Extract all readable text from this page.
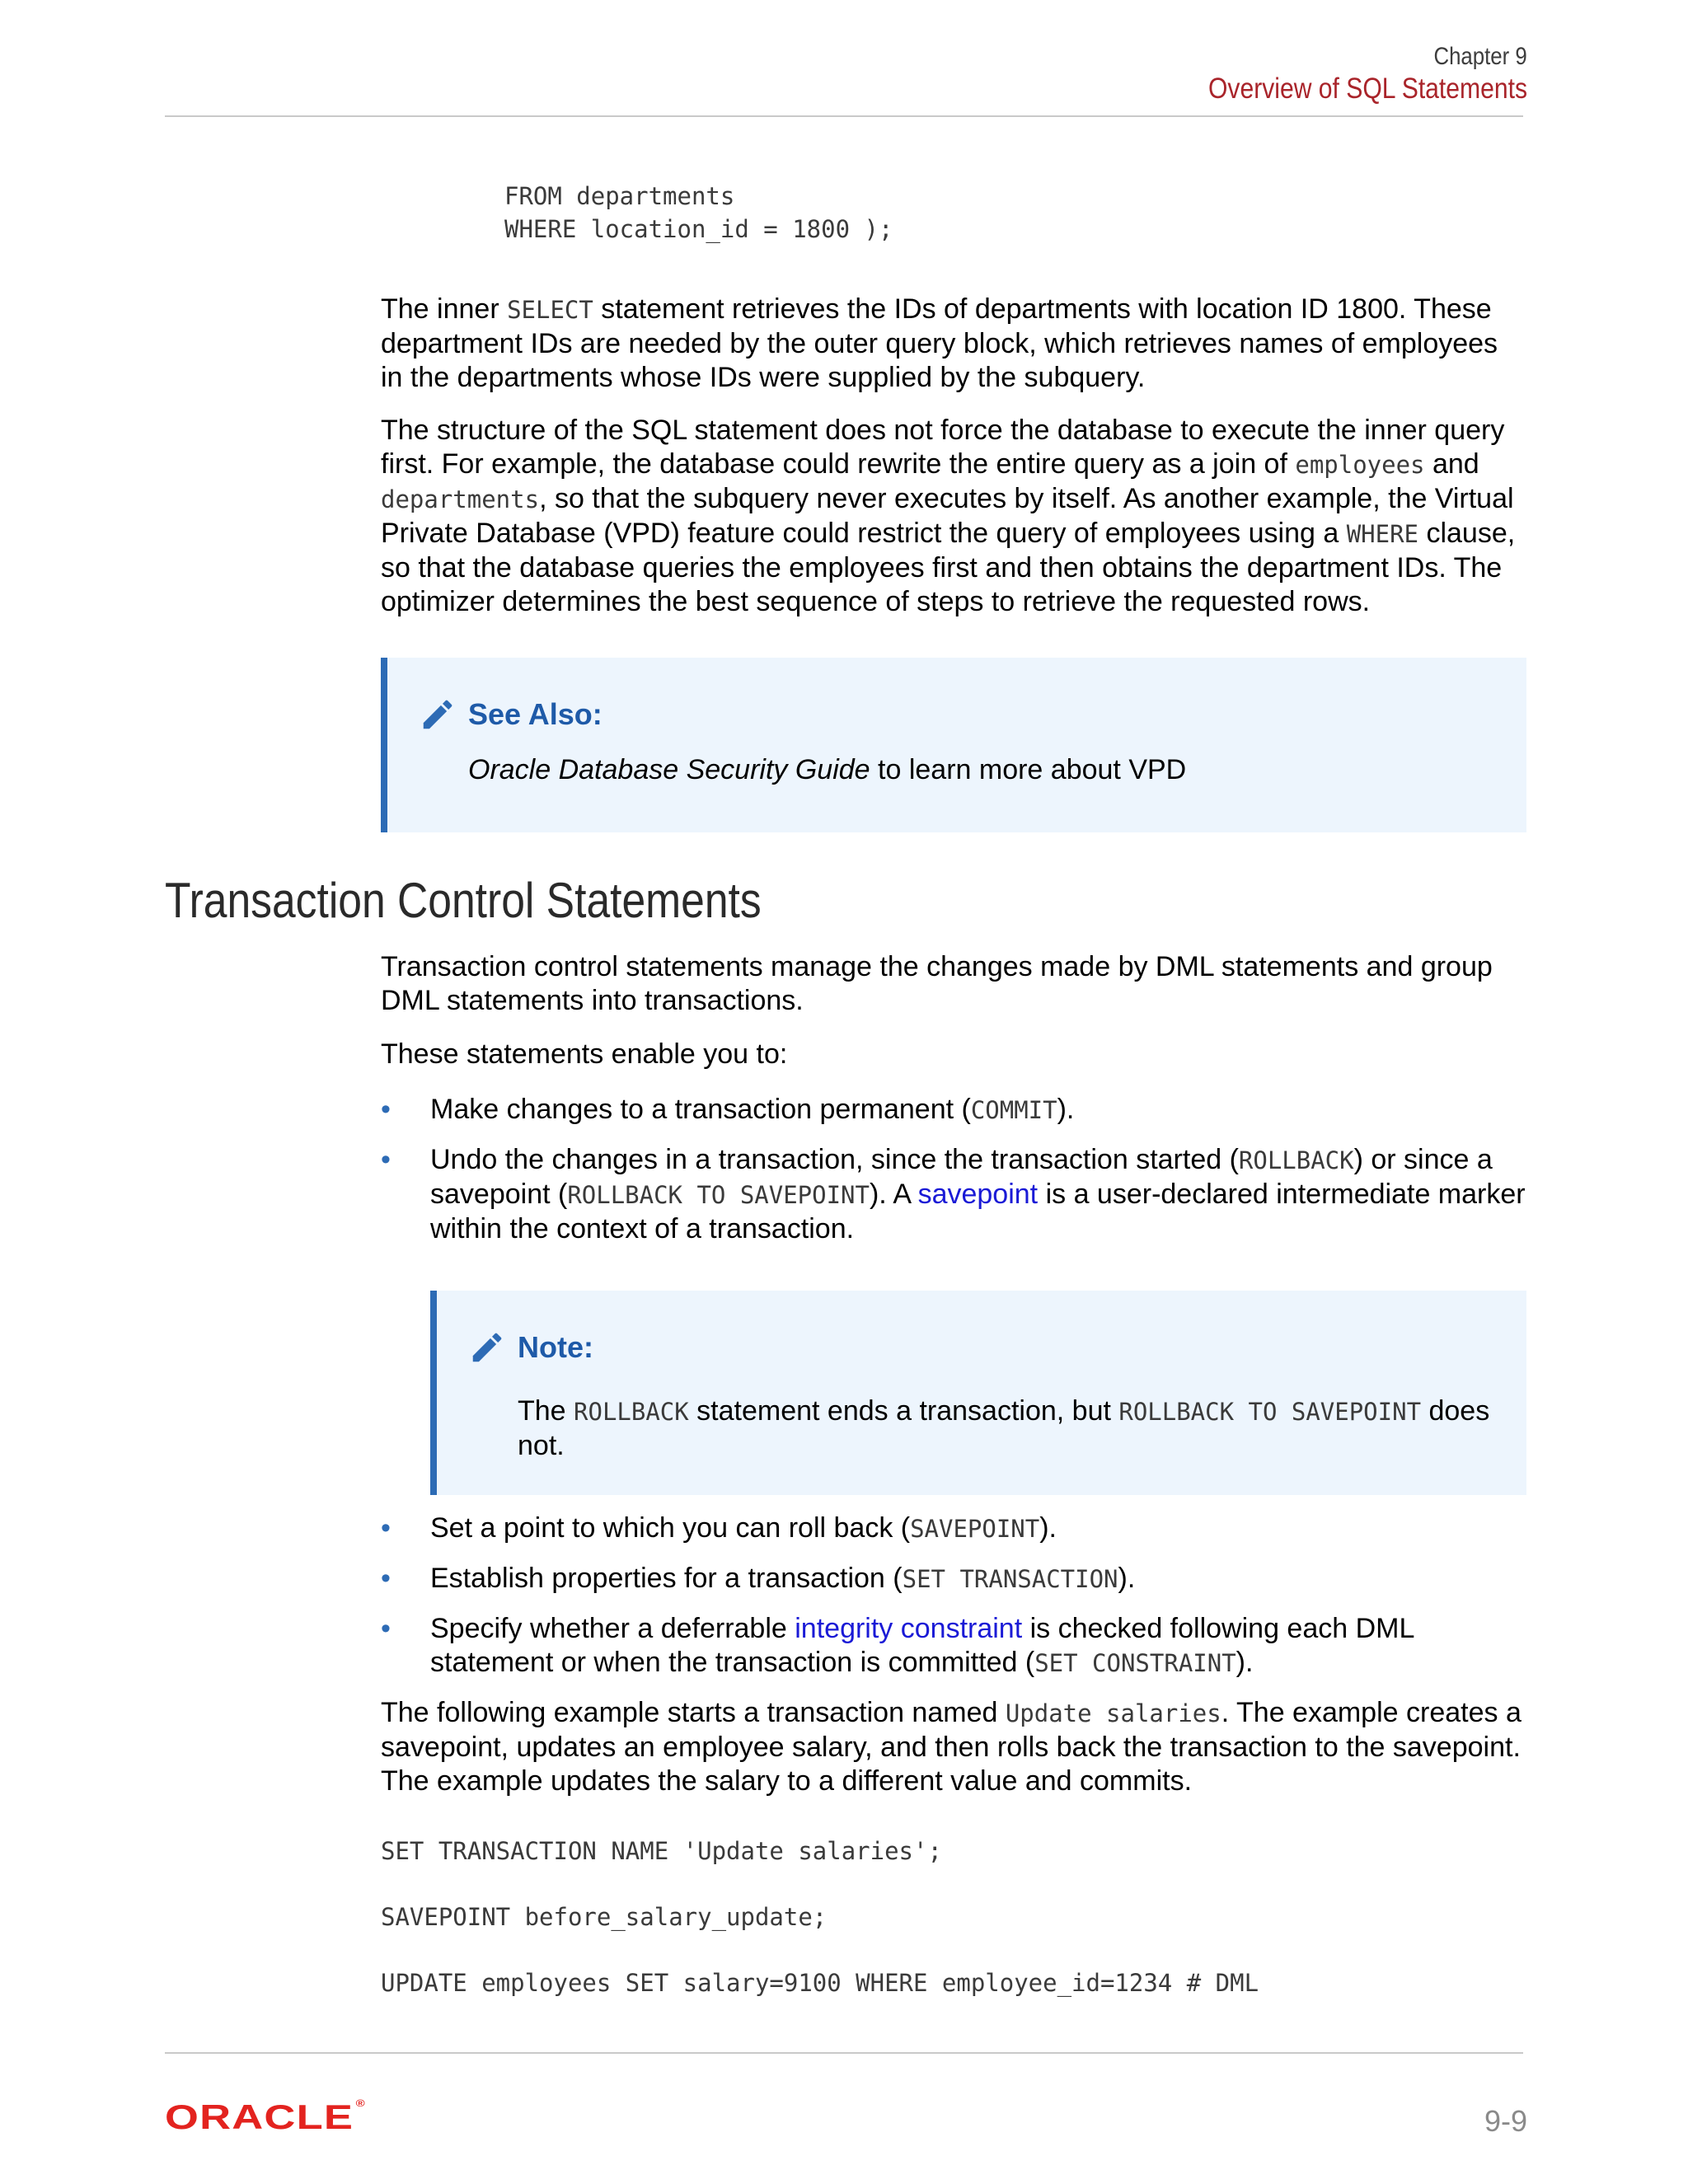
Chapter 9
Overview of SQL Statements
FROM departments
WHERE location_id = 1800 );
The inner SELECT statement retrieves the IDs of departments with location ID 1800. These department IDs are needed by the outer query block, which retrieves names of employees in the departments whose IDs were supplied by the subquery.
The structure of the SQL statement does not force the database to execute the inner query first. For example, the database could rewrite the entire query as a join of employees and departments, so that the subquery never executes by itself. As another example, the Virtual Private Database (VPD) feature could restrict the query of employees using a WHERE clause, so that the database queries the employees first and then obtains the department IDs. The optimizer determines the best sequence of steps to retrieve the requested rows.
See Also:
Oracle Database Security Guide to learn more about VPD
Transaction Control Statements
Transaction control statements manage the changes made by DML statements and group DML statements into transactions.
These statements enable you to:
• Make changes to a transaction permanent (COMMIT).
• Undo the changes in a transaction, since the transaction started (ROLLBACK) or since a savepoint (ROLLBACK TO SAVEPOINT). A savepoint is a user-declared intermediate marker within the context of a transaction.
Note:
The ROLLBACK statement ends a transaction, but ROLLBACK TO SAVEPOINT does not.
• Set a point to which you can roll back (SAVEPOINT).
• Establish properties for a transaction (SET TRANSACTION).
• Specify whether a deferrable integrity constraint is checked following each DML statement or when the transaction is committed (SET CONSTRAINT).
The following example starts a transaction named Update salaries. The example creates a savepoint, updates an employee salary, and then rolls back the transaction to the savepoint. The example updates the salary to a different value and commits.
SET TRANSACTION NAME 'Update salaries';

SAVEPOINT before_salary_update;

UPDATE employees SET salary=9100 WHERE employee_id=1234 # DML
ORACLE ®
9-9
